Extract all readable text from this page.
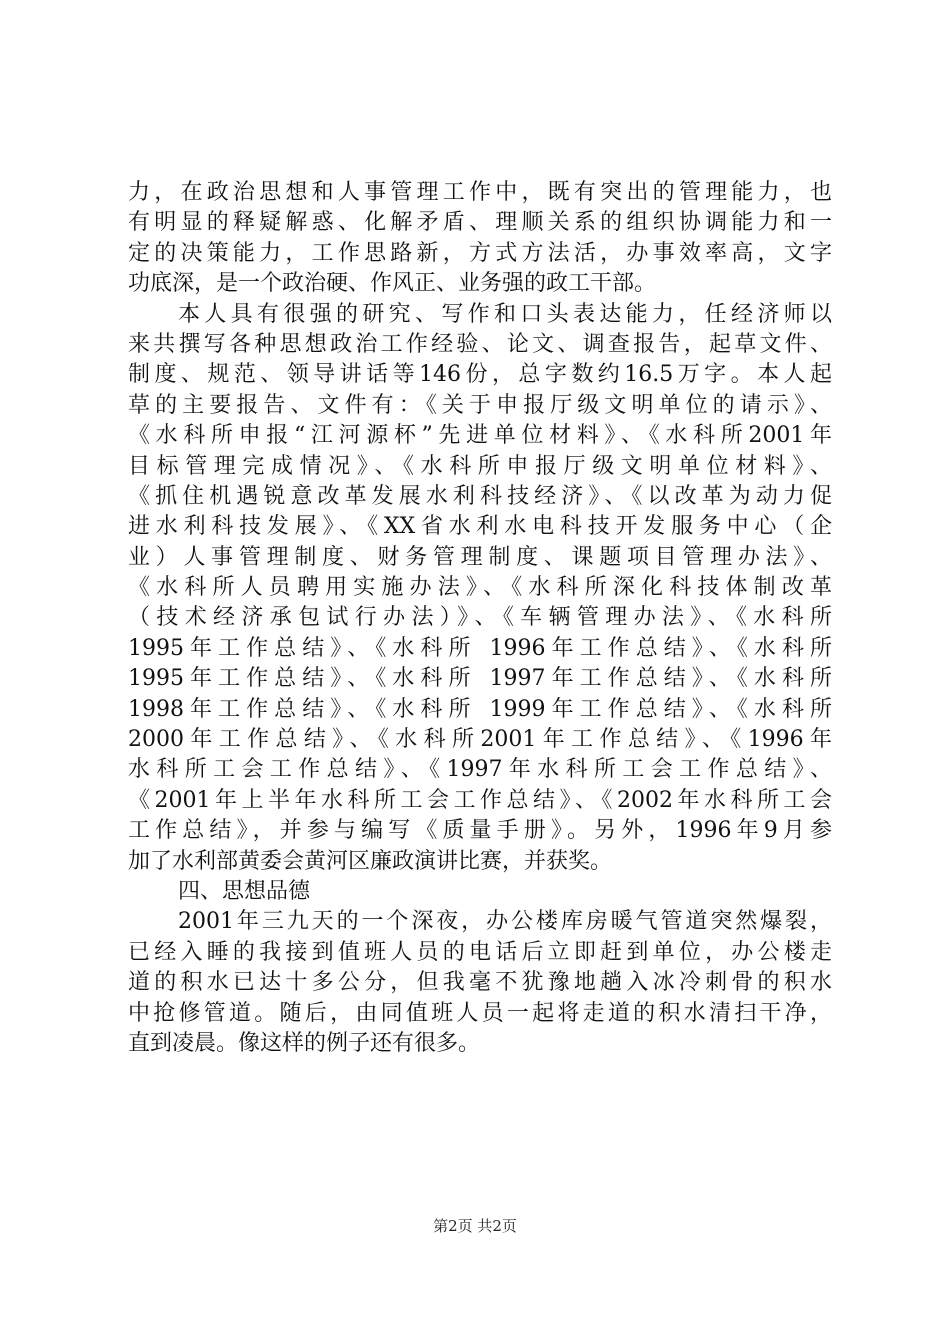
力，在政治思想和人事管理工作中，既有突出的管理能力，也
有明显的释疑解惑、化解矛盾、理顺关系的组织协调能力和一
定的决策能力，工作思路新，方式方法活，办事效率高，文字
功底深，是一个政治硬、作风正、业务强的政工干部。
本人具有很强的研究、写作和口头表达能力，任经济师以
来共撰写各种思想政治工作经验、论文、调查报告，起草文件、
制度、规范、领导讲话等146份，总字数约16.5万字。本人起
草的主要报告、文件有：《关于申报厅级文明单位的请示》、
《水科所申报“江河源杯”先进单位材料》、《水科所2001年
目标管理完成情况》、《水科所申报厅级文明单位材料》、
《抓住机遇锐意改革发展水利科技经济》、《以改革为动力促
进水利科技发展》、《XX省水利水电科技开发服务中心（企
业）人事管理制度、财务管理制度、课题项目管理办法》、
《水科所人员聘用实施办法》、《水科所深化科技体制改革
（技术经济承包试行办法）》、《车辆管理办法》、《水科所
1995年工作总结》、《水科所 1996年工作总结》、《水科所
1995年工作总结》、《水科所 1997年工作总结》、《水科所
1998年工作总结》、《水科所 1999年工作总结》、《水科所
2000年工作总结》、《水科所2001年工作总结》、《1996年
水科所工会工作总结》、《1997年水科所工会工作总结》、
《2001年上半年水科所工会工作总结》、《2002年水科所工会
工作总结》，并参与编写《质量手册》。另外，1996年9月参
加了水利部黄委会黄河区廉政演讲比赛，并获奖。
四、思想品德
2001年三九天的一个深夜，办公楼库房暖气管道突然爆裂，
已经入睡的我接到值班人员的电话后立即赶到单位，办公楼走
道的积水已达十多公分，但我毫不犹豫地趟入冰冷刺骨的积水
中抢修管道。随后，由同值班人员一起将走道的积水清扫干净，
直到凌晨。像这样的例子还有很多。
第2页 共2页
